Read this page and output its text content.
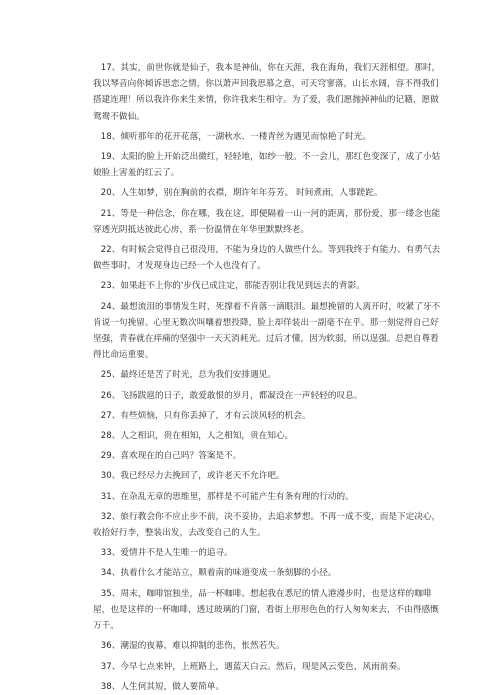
17、其实，前世你就是仙子，我本是神仙，你在天涯，我在海角，我们天涯相望。那时，我以琴音向你倾诉思恋之情，你以萧声回我思慕之意，可天穹寥落，山长水阔，容不得我们搭建连理！所以我许你来生来情，你许我来生相守。为了爱，我们愿抛掉神仙的记籍，愿做鸳鸯不做仙。

18、倾听那年的花开花落，一湖秋水、一楼青丝为遇见而惊艳了时光。

19、太阳的脸上开始泛出微红，轻轻地，如纱一般。不一会儿，那红色变深了，成了小姑娘脸上害羞的红云了。

20、人生如梦，别在胸前的衣襟，期许年年芬芳。 时间煮雨，人事蹉跎。

21、等是一种信念，你在哪，我在这，即便隔着一山一河的距离，那份爱，那一缕念也能穿透光阴抵达彼此心房，系一份温情在年华里默默终老。

22、有时候会觉得自己很没用，不能为身边的人做些什么。等到我终于有能力、有勇气去做些事时，才发现身边已经一个人也没有了。

23、如果赶不上你的'步伐已成注定，那能否别让我见到远去的背影。

24、最想流泪的事情发生时，死撑着不肯落一滴眼泪。最想挽留的人离开时，咬紧了牙不肯说一句挽留。心里无数次叫嚷着想投降，脸上却佯装出一副毫不在乎。那一刻觉得自己好坚强，青春就在痒痛的坚强中一天天消耗光。过后才懂，因为软弱，所以逞强。总把自尊看得比命运重要。

25、最终还是苦了时光，总为我们安排遇见。

26、飞扬跋扈的日子，敢爱敢恨的岁月，都凝没在一声轻轻的叹息。

27、有些烦恼，只有你丢掉了，才有云淡风轻的机会。

28、人之相识，贵在相知，人之相知，贵在知心。

29、喜欢现在的自己吗？答案是不。

30、我已经尽力去挽回了，或许老天不允许吧。

31、在杂乱无章的思维里，那样是不可能产生有条有理的行动的。

32、旅行教会你不应止步不前，决不妥协，去追求梦想。不再一成不变，而是下定决心，收拾好行李，整装出发，去改变自己的人生。

33、爱情并不是人生唯一的追寻。

34、执着什么才能站立，顺着南的味道变成一条刻脚的小径。

35、周末，咖啡馆独坐，品一杯咖啡。想起我在悉尼的情人港漫步时，也是这样的咖啡屋，也是这样的一杯咖啡，透过玻璃的门窗，看街上形形色色的行人匆匆来去，不由得感慨万千。

36、潮湿的夜幕，难以抑制的悲伤，怅然若失。

37、今早七点来钟，上班路上，遇蓝天白云。然后，现是风云变色，风雨前奏。

38、人生何其短，做人要简单。
